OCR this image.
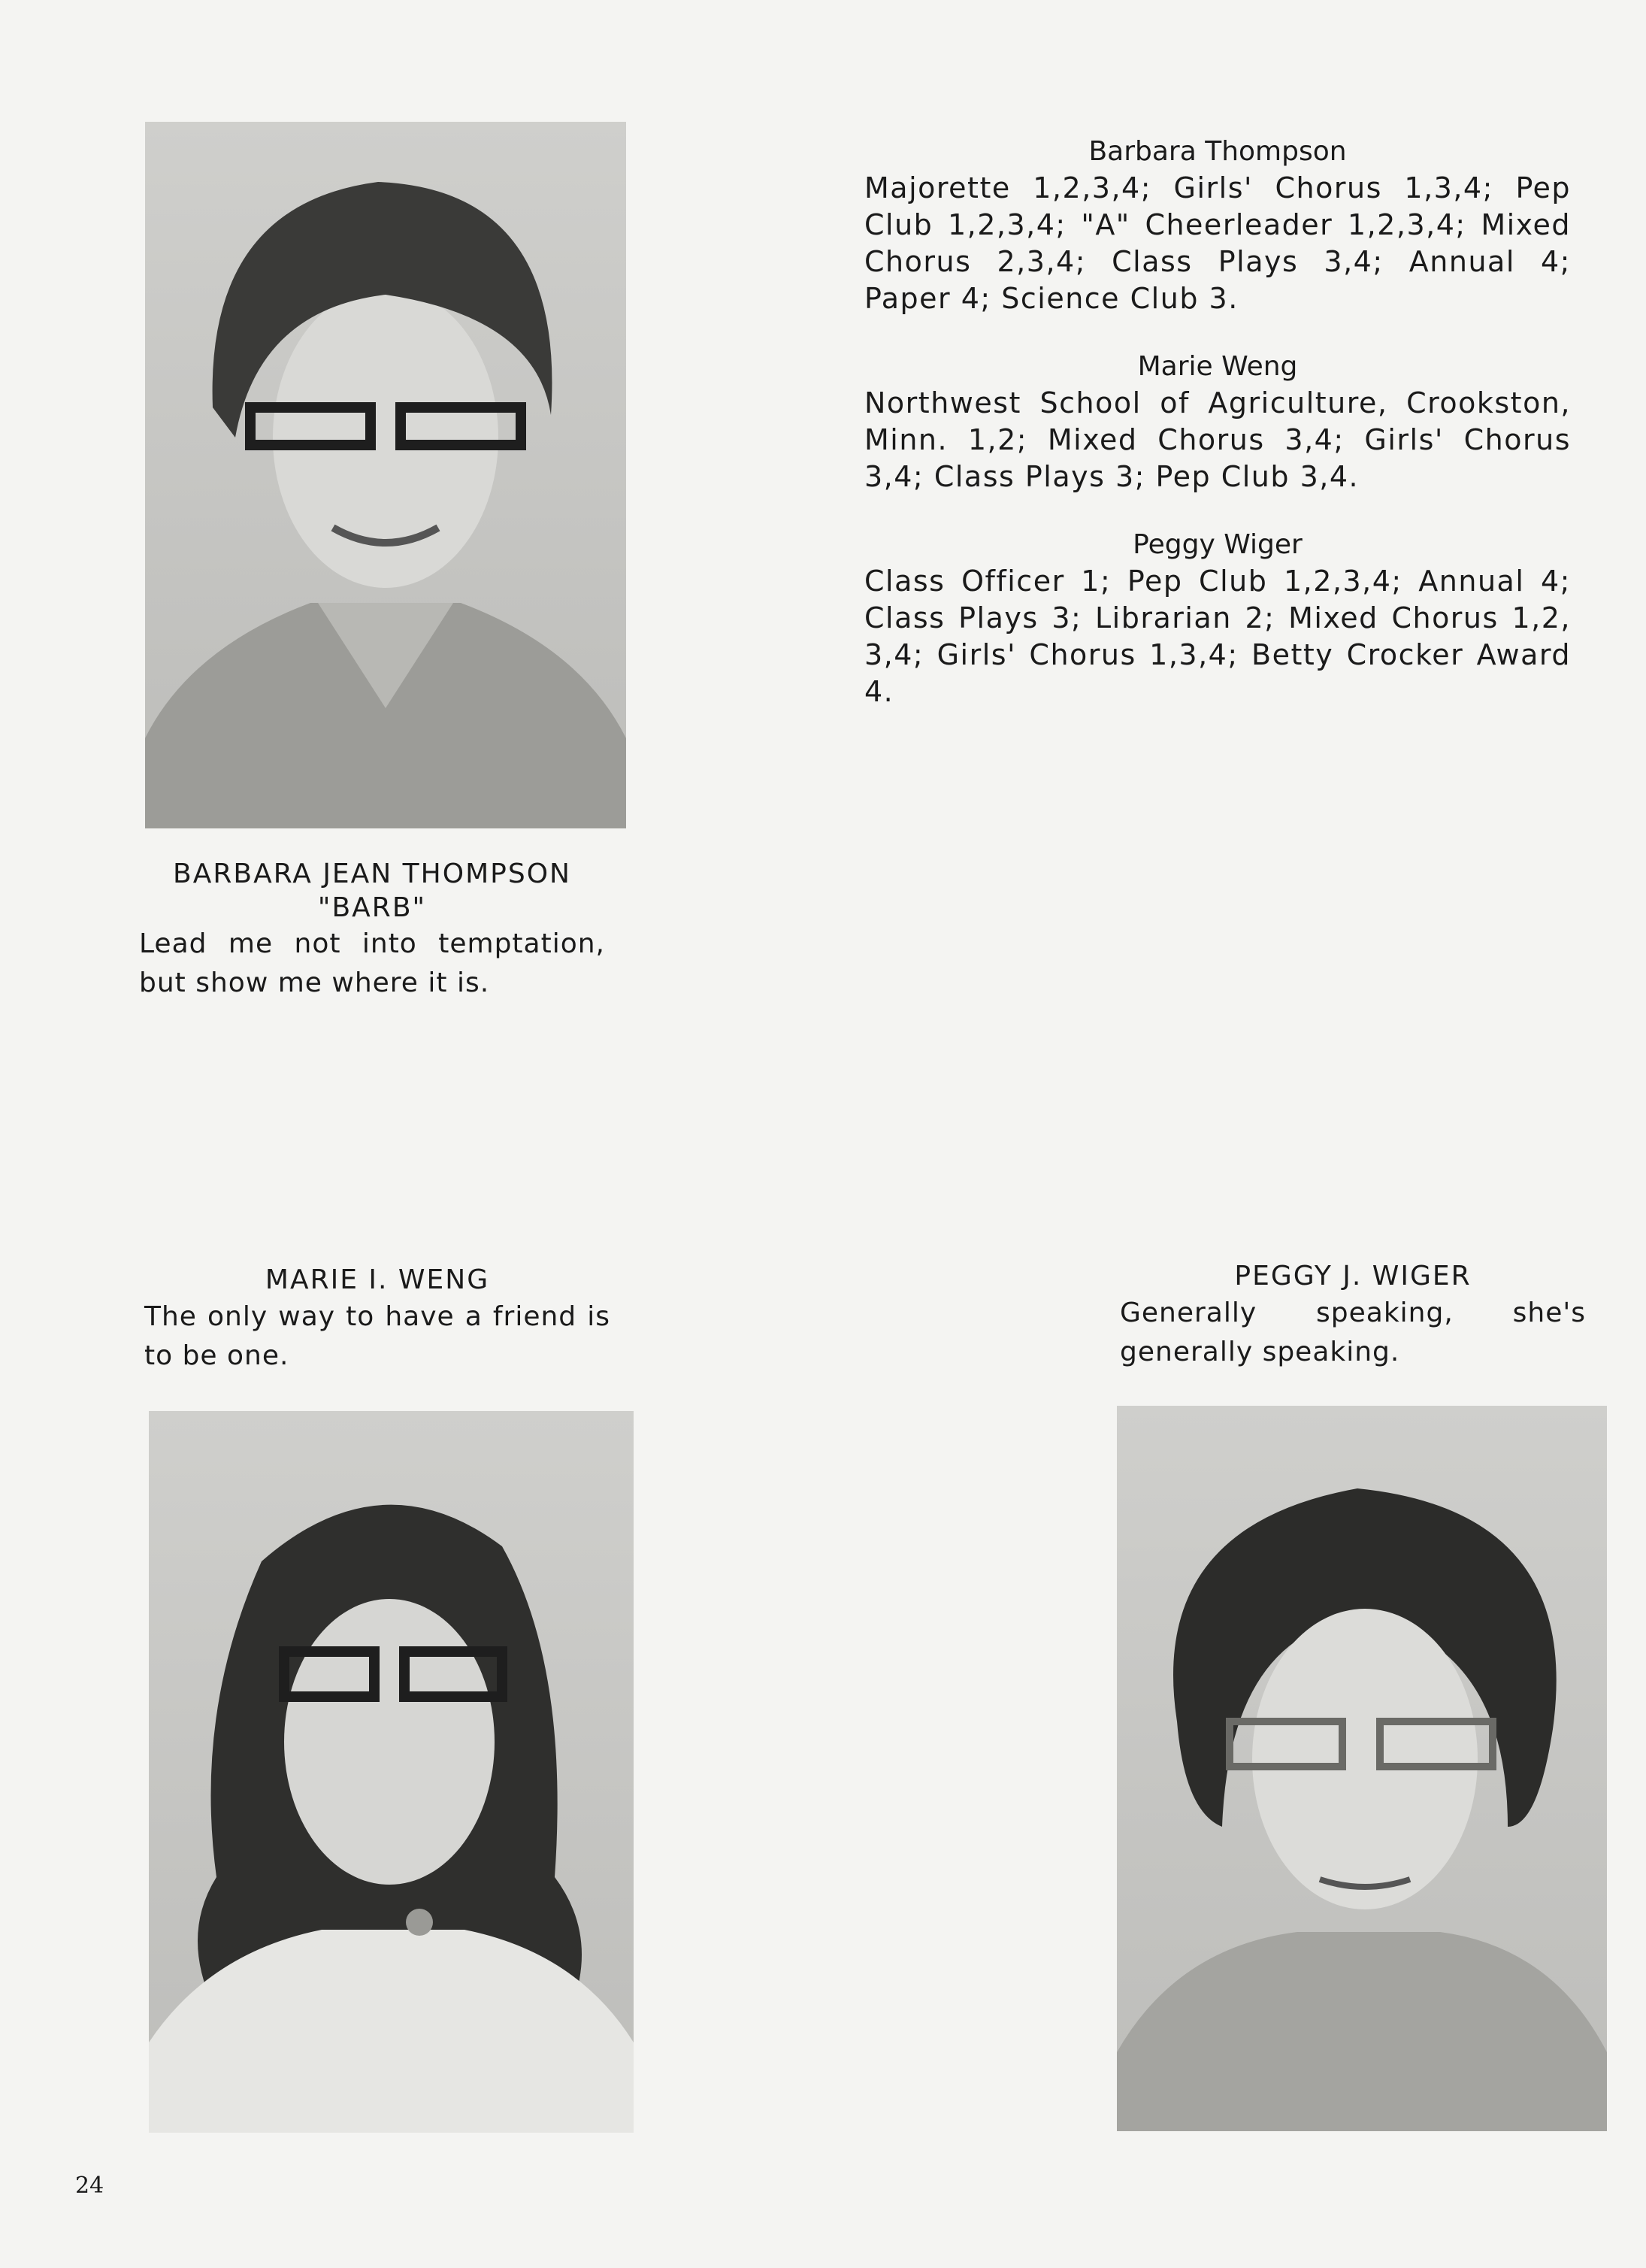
BARBARA JEAN THOMPSON
"BARB"
Lead me not into temptation, but show me where it is.
Barbara Thompson
Majorette 1,2,3,4; Girls' Chorus 1,3,4; Pep Club 1,2,3,4; "A" Cheerleader 1,2,3,4; Mixed Chorus 2,3,4; Class Plays 3,4; Annual 4; Paper 4; Science Club 3.
Marie Weng
Northwest School of Agriculture, Crookston, Minn. 1,2; Mixed Chorus 3,4; Girls' Chorus 3,4; Class Plays 3; Pep Club 3,4.
Peggy Wiger
Class Officer 1; Pep Club 1,2,3,4; Annual 4; Class Plays 3; Librarian 2; Mixed Chorus 1,2, 3,4; Girls' Chorus 1,3,4; Betty Crocker Award 4.
MARIE I. WENG
The only way to have a friend is to be one.
PEGGY J. WIGER
Generally speaking, she's generally speaking.
24
